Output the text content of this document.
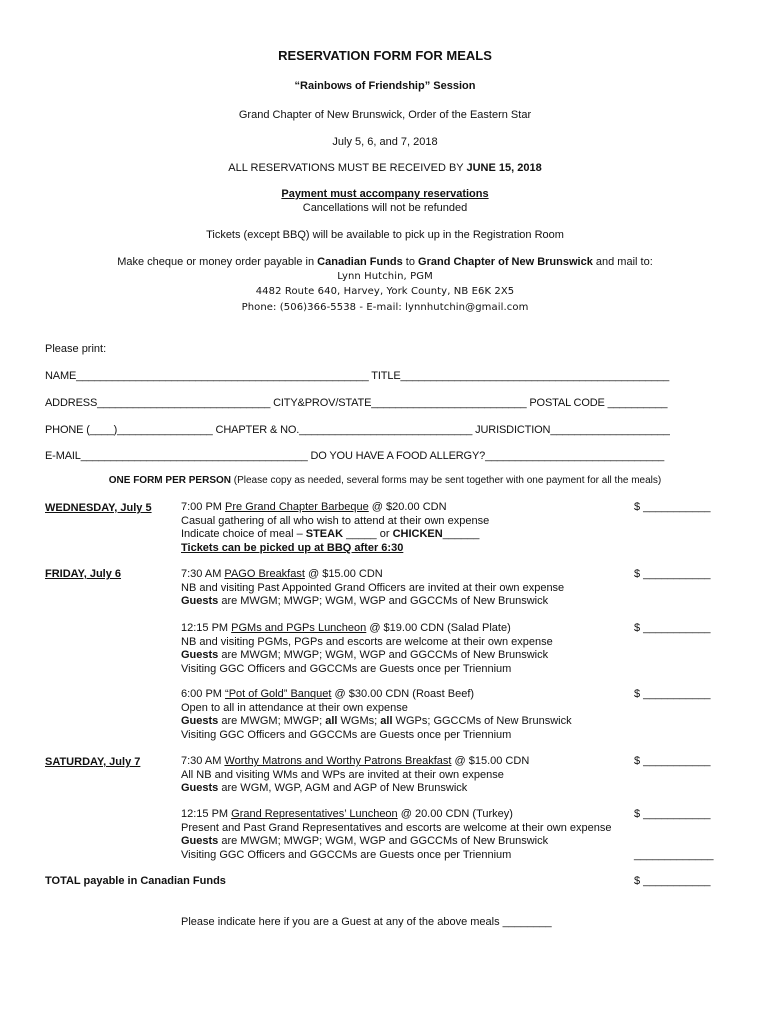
RESERVATION FORM FOR MEALS
“Rainbows of Friendship” Session
Grand Chapter of New Brunswick, Order of the Eastern Star
July 5, 6, and 7, 2018
ALL RESERVATIONS MUST BE RECEIVED BY JUNE 15, 2018
Payment must accompany reservations
Cancellations will not be refunded
Tickets (except BBQ) will be available to pick up in the Registration Room
Make cheque or money order payable in Canadian Funds to Grand Chapter of New Brunswick and mail to:
Lynn Hutchin, PGM
4482 Route 640, Harvey, York County, NB E6K 2X5
Phone: (506)366-5538 - E-mail: lynnhutchin@gmail.com
Please print:
NAME_________________________________________________ TITLE_____________________________________________
ADDRESS_____________________________ CITY&PROV/STATE__________________________ POSTAL CODE __________
PHONE (____)________________ CHAPTER & NO._____________________________ JURISDICTION____________________
E-MAIL______________________________________ DO YOU HAVE A FOOD ALLERGY?______________________________
ONE FORM PER PERSON (Please copy as needed, several forms may be sent together with one payment for all the meals)
WEDNESDAY, July 5	7:00 PM Pre Grand Chapter Barbeque @ $20.00 CDN
Casual gathering of all who wish to attend at their own expense
Indicate choice of meal – STEAK _____ or CHICKEN______
Tickets can be picked up at BBQ after 6:30
$ ___________
FRIDAY, July 6	7:30 AM PAGO Breakfast @ $15.00 CDN
NB and visiting Past Appointed Grand Officers are invited at their own expense
Guests are MWGM; MWGP; WGM, WGP and GGCCMs of New Brunswick
$ ___________
12:15 PM PGMs and PGPs Luncheon @ $19.00 CDN (Salad Plate)
NB and visiting PGMs, PGPs and escorts are welcome at their own expense
Guests are MWGM; MWGP; WGM, WGP and GGCCMs of New Brunswick
Visiting GGC Officers and GGCCMs are Guests once per Triennium
$ ___________
6:00 PM “Pot of Gold” Banquet @ $30.00 CDN (Roast Beef)
Open to all in attendance at their own expense
Guests are MWGM; MWGP; all WGMs; all WGPs; GGCCMs of New Brunswick
Visiting GGC Officers and GGCCMs are Guests once per Triennium
$ ___________
SATURDAY, July 7	7:30 AM Worthy Matrons and Worthy Patrons Breakfast @ $15.00 CDN
All NB and visiting WMs and WPs are invited at their own expense
Guests are WGM, WGP, AGM and AGP of New Brunswick
$ ___________
12:15 PM Grand Representatives’ Luncheon @ 20.00 CDN (Turkey)
Present and Past Grand Representatives and escorts are welcome at their own expense
Guests are MWGM; MWGP; WGM, WGP and GGCCMs of New Brunswick
Visiting GGC Officers and GGCCMs are Guests once per Triennium
$ ___________
_____________
TOTAL payable in Canadian Funds	$ ___________
Please indicate here if you are a Guest at any of the above meals ________
